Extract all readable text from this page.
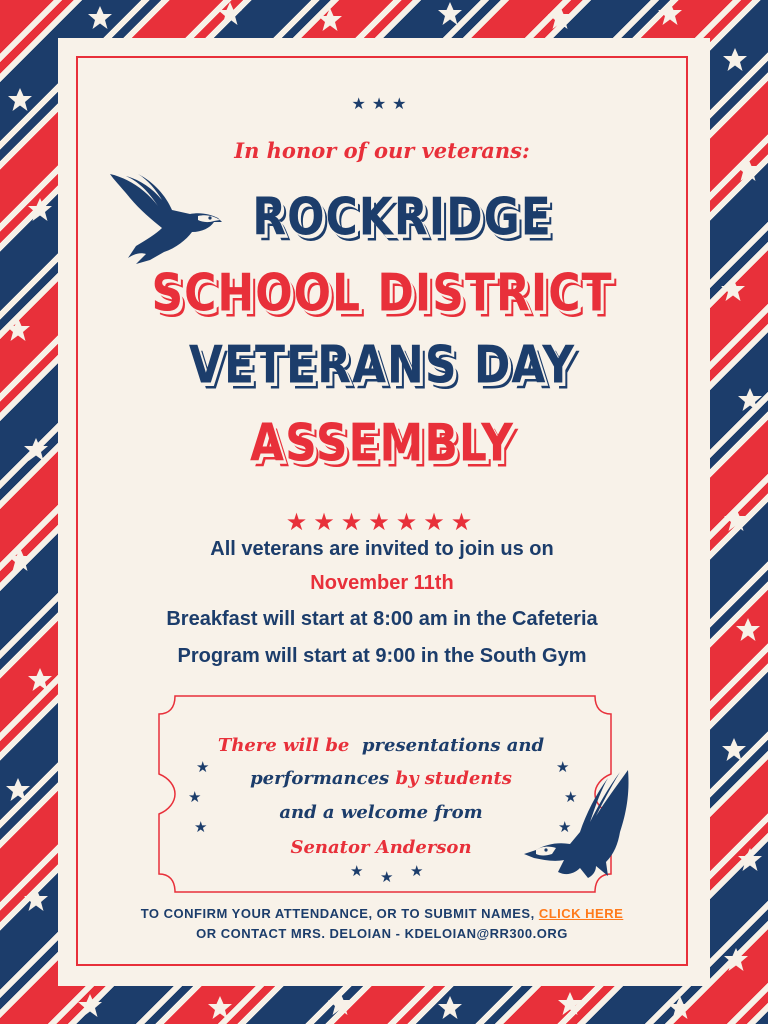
★★★
In honor of our veterans:
ROCKRIDGE
SCHOOL DISTRICT
VETERANS DAY
ASSEMBLY
★★★★★★★
All veterans are invited to join us on
November 11th
Breakfast will start at 8:00 am in the Cafeteria
Program will start at 9:00 in the South Gym
★
★
★
★
★
★
★ ★ ★
There will be presentations and
performances by students
and a welcome from
Senator Anderson
TO CONFIRM YOUR ATTENDANCE, OR TO SUBMIT NAMES, CLICK HERE
OR CONTACT MRS. DELOIAN - KDELOIAN@RR300.ORG
